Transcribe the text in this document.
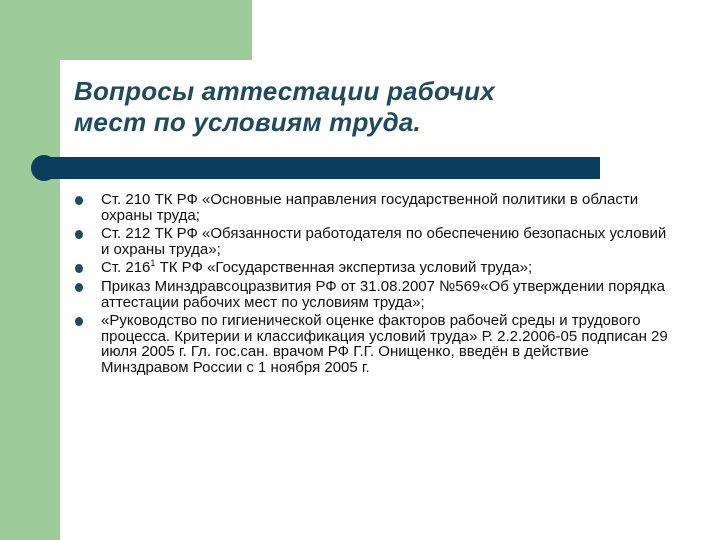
Вопросы аттестации рабочих
мест по условиям труда.
Ст. 210 ТК РФ «Основные направления государственной политики в области охраны труда;
Ст. 212 ТК РФ «Обязанности работодателя по обеспечению безопасных условий и охраны труда»;
Ст. $216^1$ ТК РФ «Государственная экспертиза условий труда»;
Приказ Минздравсоцразвития РФ от 31.08.2007 №569«Об утверждении порядка аттестации рабочих мест по условиям труда»;
«Руководство по гигиенической оценке факторов рабочей среды и трудового процесса. Критерии и классификация условий труда» Р. 2.2.2006-05 подписан 29 июля 2005 г. Гл. гос.сан. врачом РФ Г.Г. Онищенко, введён в действие Минздравом России с 1 ноября 2005 г.
